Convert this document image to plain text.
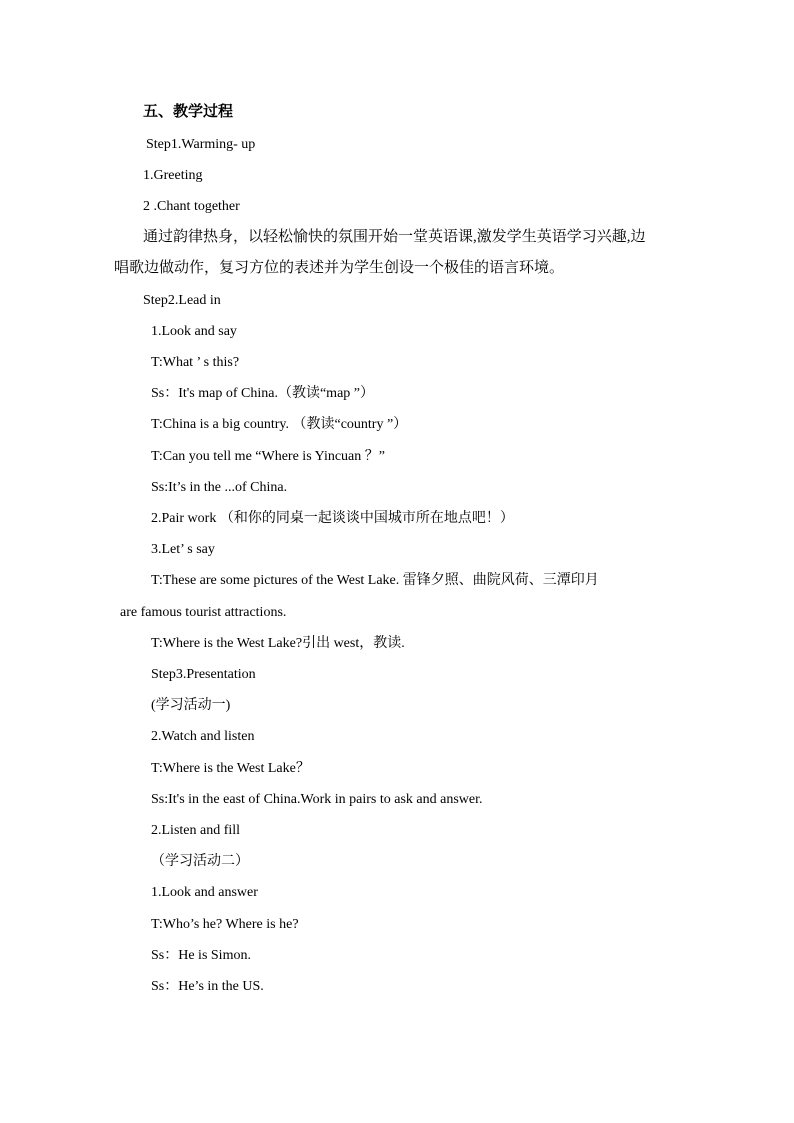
五、教学过程
Step1.Warming- up
1.Greeting
2 .Chant together
通过韵律热身，以轻松愉快的氛围开始一堂英语课,激发学生英语学习兴趣,边
唱歌边做动作，复习方位的表述并为学生创设一个极佳的语言环境。
Step2.Lead in
1.Look and say
T:What ’ s this?
Ss：It's map of China.（教读“map ”）
T:China is a big country. （教读“country ”）
T:Can you tell me “Where is Yincuan ？”
Ss:It’s in the ...of China.
2.Pair work （和你的同桌一起谈谈中国城市所在地点吧！）
3.Let’ s say
T:These are some pictures of the West Lake. 雷锋夕照、曲院风荷、三潭印月
are famous tourist attractions.
T:Where is the West Lake?引出 west，教读.
Step3.Presentation
(学习活动一)
2.Watch and listen
T:Where is the West Lake？
Ss:It's in the east of China.Work in pairs to ask and answer.
2.Listen and fill
（学习活动二）
1.Look and answer
T:Who’s he? Where is he?
Ss：He is Simon.
Ss：He’s in the US.
